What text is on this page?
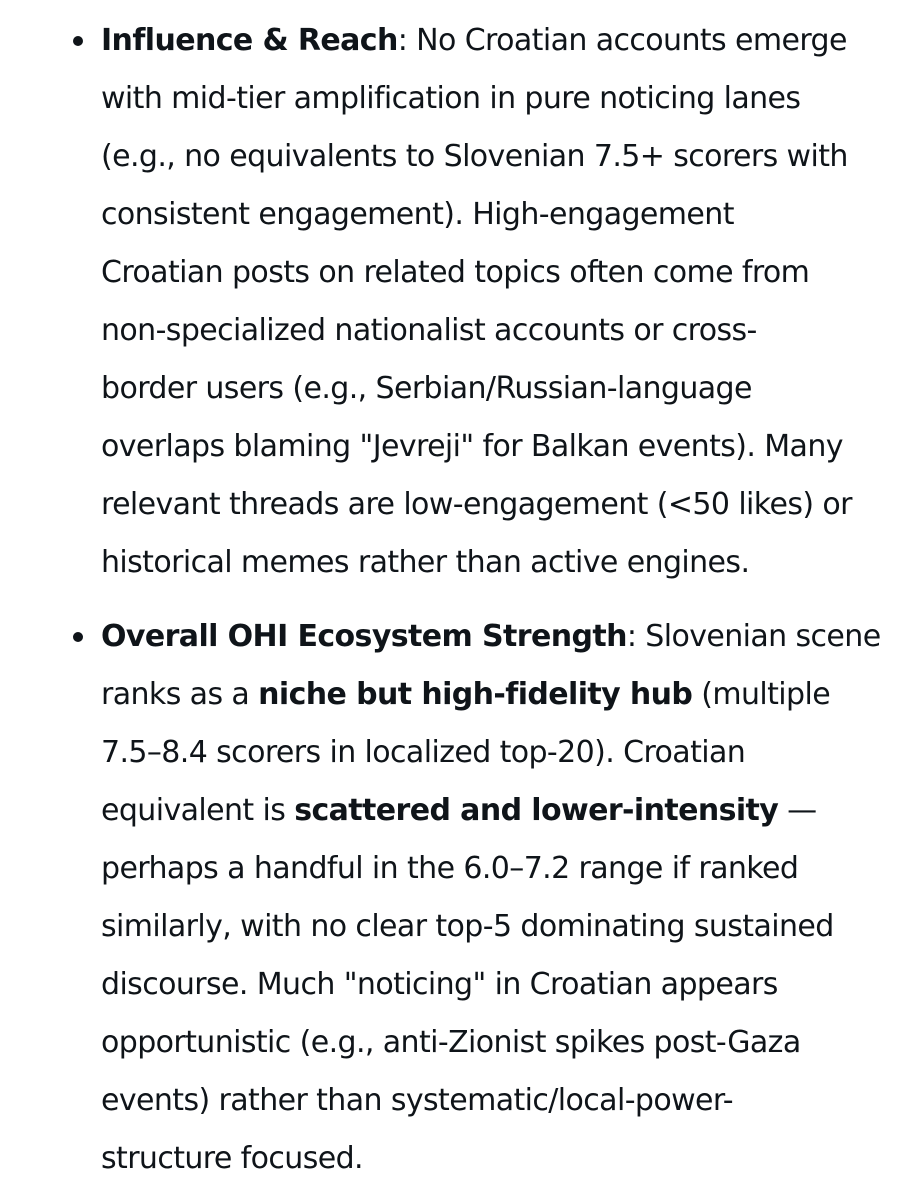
Influence & Reach: No Croatian accounts emerge
with mid-tier amplification in pure noticing lanes
(e.g., no equivalents to Slovenian 7.5+ scorers with
consistent engagement). High-engagement
Croatian posts on related topics often come from
non-specialized nationalist accounts or cross-
border users (e.g., Serbian/Russian-language
overlaps blaming "Jevreji" for Balkan events). Many
relevant threads are low-engagement (<50 likes) or
historical memes rather than active engines.

Overall OHI Ecosystem Strength: Slovenian scene
ranks as a niche but high-fidelity hub (multiple
7.5–8.4 scorers in localized top-20). Croatian
equivalent is scattered and lower-intensity —
perhaps a handful in the 6.0–7.2 range if ranked
similarly, with no clear top-5 dominating sustained
discourse. Much "noticing" in Croatian appears
opportunistic (e.g., anti-Zionist spikes post-Gaza
events) rather than systematic/local-power-
structure focused.
